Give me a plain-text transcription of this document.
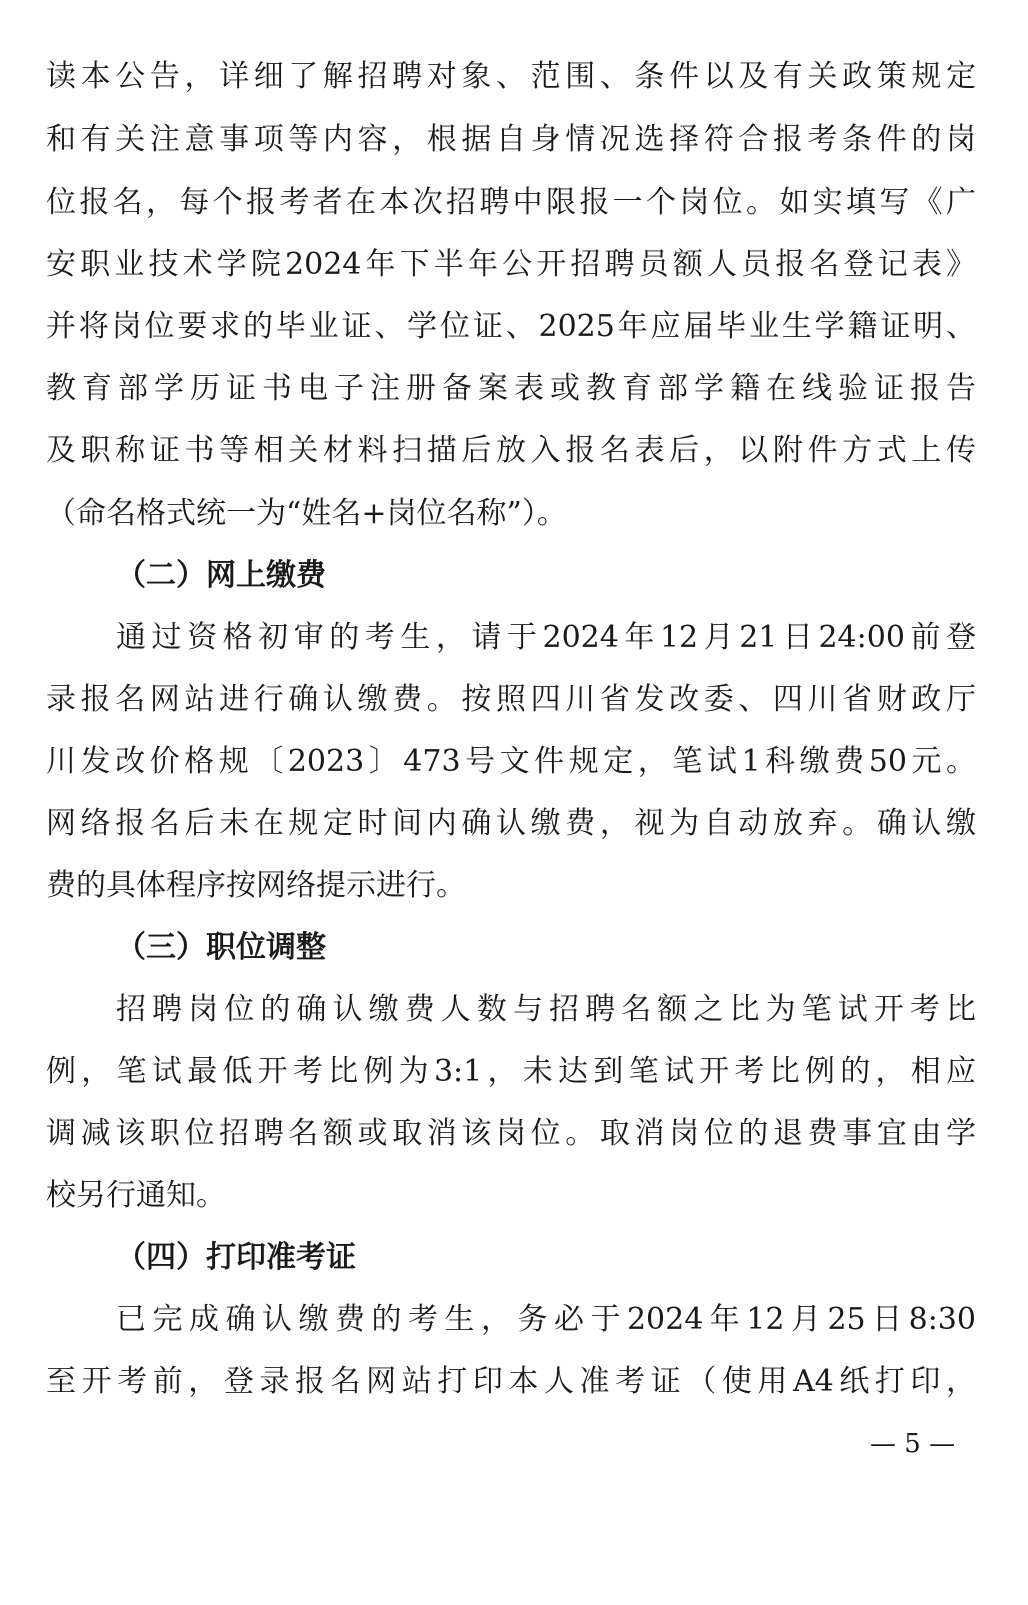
读本公告，详细了解招聘对象、范围、条件以及有关政策规定
和有关注意事项等内容，根据自身情况选择符合报考条件的岗
位报名，每个报考者在本次招聘中限报一个岗位。如实填写《广
安职业技术学院2024年下半年公开招聘员额人员报名登记表》
并将岗位要求的毕业证、学位证、2025年应届毕业生学籍证明、
教育部学历证书电子注册备案表或教育部学籍在线验证报告
及职称证书等相关材料扫描后放入报名表后，以附件方式上传
（命名格式统一为“姓名+岗位名称”）。
（二）网上缴费
通过资格初审的考生，请于2024年12月21日24:00前登
录报名网站进行确认缴费。按照四川省发改委、四川省财政厅
川发改价格规〔2023〕473号文件规定，笔试1科缴费50元。
网络报名后未在规定时间内确认缴费，视为自动放弃。确认缴
费的具体程序按网络提示进行。
（三）职位调整
招聘岗位的确认缴费人数与招聘名额之比为笔试开考比
例，笔试最低开考比例为3:1，未达到笔试开考比例的，相应
调减该职位招聘名额或取消该岗位。取消岗位的退费事宜由学
校另行通知。
（四）打印准考证
已完成确认缴费的考生，务必于2024年12月25日8:30
至开考前，登录报名网站打印本人准考证（使用A4纸打印，
— 5 —
